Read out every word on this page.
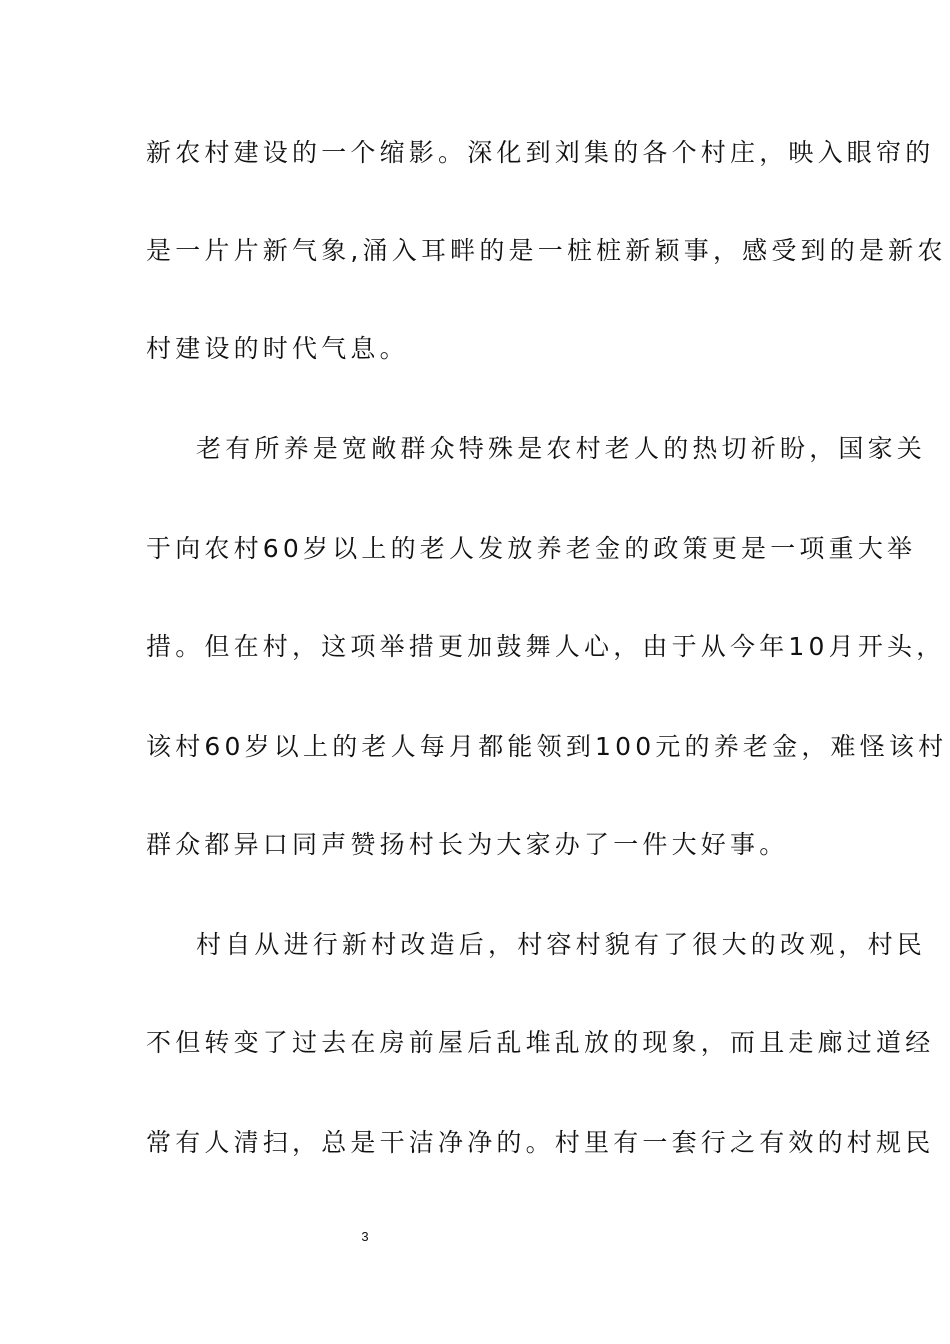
新农村建设的一个缩影。深化到刘集的各个村庄，映入眼帘的
是一片片新气象,涌入耳畔的是一桩桩新颖事，感受到的是新农
村建设的时代气息。
老有所养是宽敞群众特殊是农村老人的热切祈盼，国家关
于向农村60岁以上的老人发放养老金的政策更是一项重大举
措。但在村，这项举措更加鼓舞人心，由于从今年10月开头，
该村60岁以上的老人每月都能领到100元的养老金，难怪该村
群众都异口同声赞扬村长为大家办了一件大好事。
村自从进行新村改造后，村容村貌有了很大的改观，村民
不但转变了过去在房前屋后乱堆乱放的现象，而且走廊过道经
常有人清扫，总是干洁净净的。村里有一套行之有效的村规民
3
